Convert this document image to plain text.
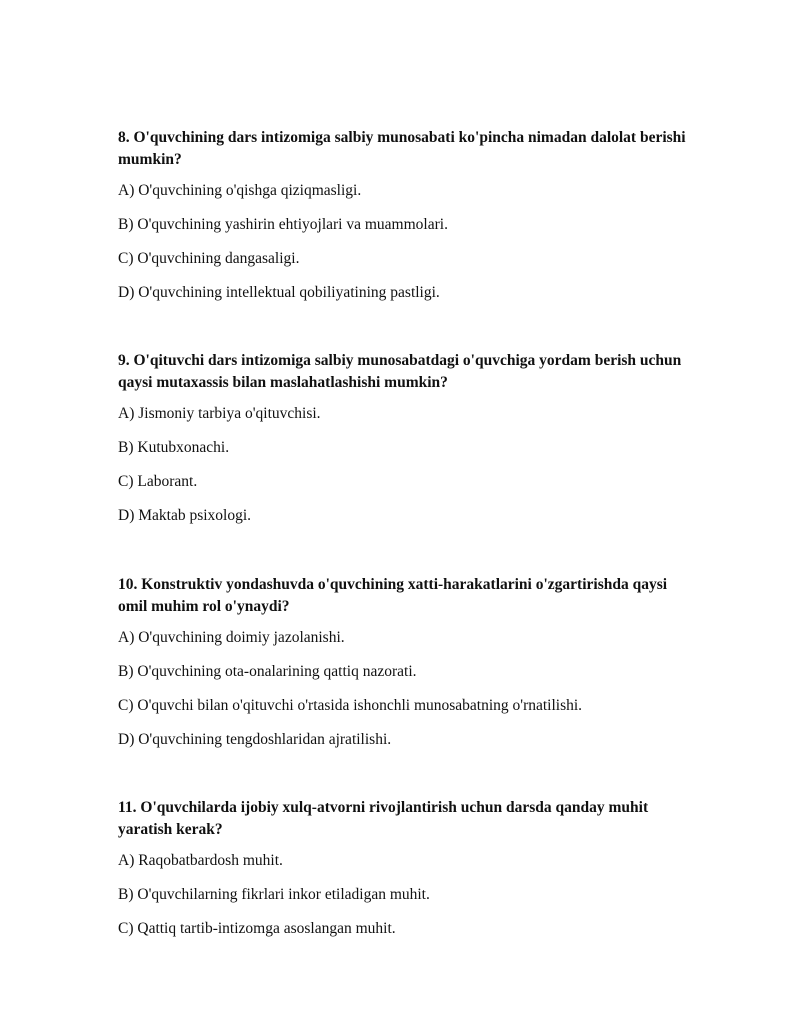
8. O'quvchining dars intizomiga salbiy munosabati ko'pincha nimadan dalolat berishi mumkin?

A) O'quvchining o'qishga qiziqmasligi.

B) O'quvchining yashirin ehtiyojlari va muammolari.

C) O'quvchining dangasaligi.

D) O'quvchining intellektual qobiliyatining pastligi.

9. O'qituvchi dars intizomiga salbiy munosabatdagi o'quvchiga yordam berish uchun qaysi mutaxassis bilan maslahatlashishi mumkin?

A) Jismoniy tarbiya o'qituvchisi.

B) Kutubxonachi.

C) Laborant.

D) Maktab psixologi.

10. Konstruktiv yondashuvda o'quvchining xatti-harakatlarini o'zgartirishda qaysi omil muhim rol o'ynaydi?

A) O'quvchining doimiy jazolanishi.

B) O'quvchining ota-onalarining qattiq nazorati.

C) O'quvchi bilan o'qituvchi o'rtasida ishonchli munosabatning o'rnatilishi.

D) O'quvchining tengdoshlaridan ajratilishi.

11. O'quvchilarda ijobiy xulq-atvorni rivojlantirish uchun darsda qanday muhit yaratish kerak?

A) Raqobatbardosh muhit.

B) O'quvchilarning fikrlari inkor etiladigan muhit.

C) Qattiq tartib-intizomga asoslangan muhit.
